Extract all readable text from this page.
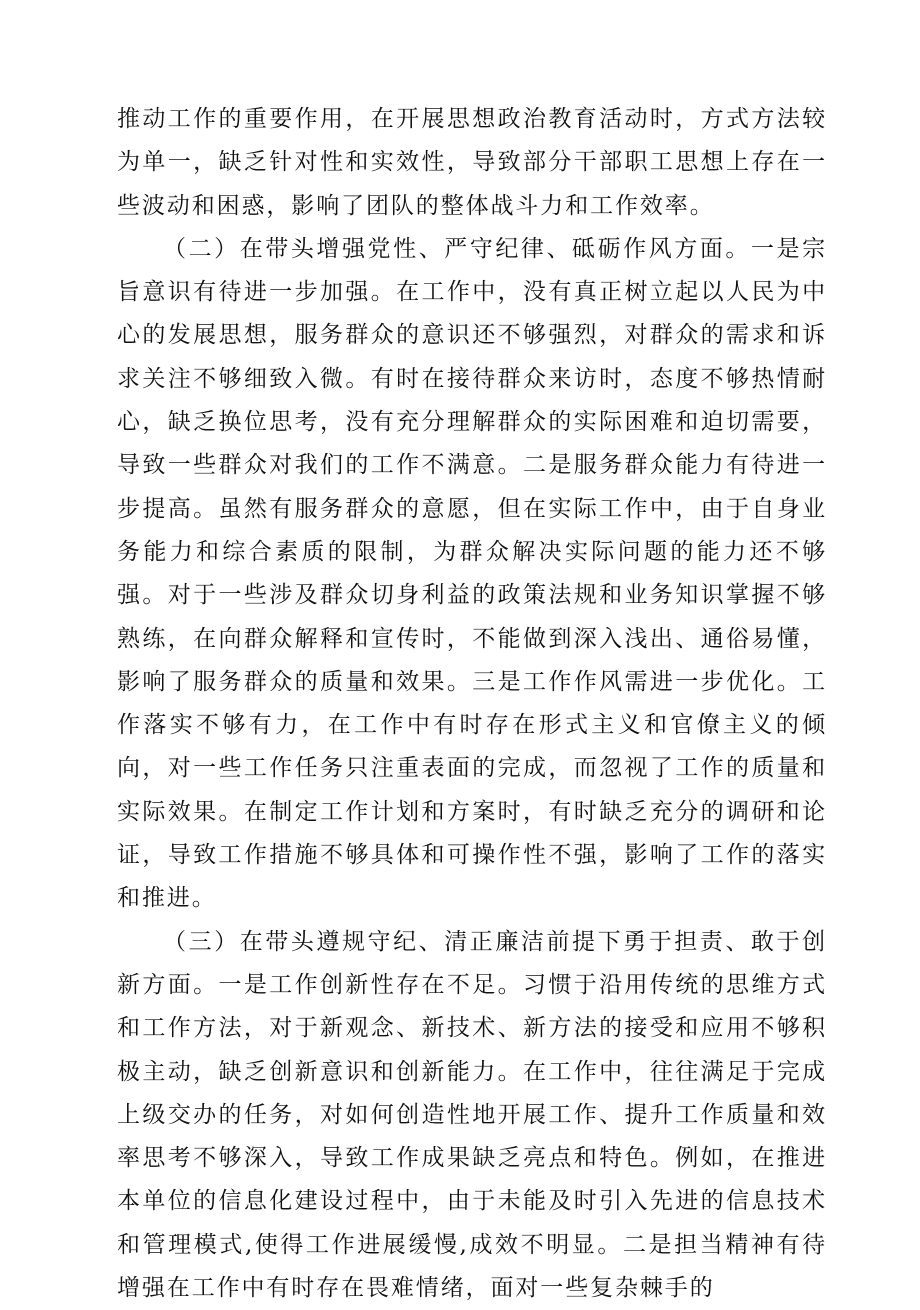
推动工作的重要作用，在开展思想政治教育活动时，方式方法较为单一，缺乏针对性和实效性，导致部分干部职工思想上存在一些波动和困惑，影响了团队的整体战斗力和工作效率。

（二）在带头增强党性、严守纪律、砥砺作风方面。一是宗旨意识有待进一步加强。在工作中，没有真正树立起以人民为中心的发展思想，服务群众的意识还不够强烈，对群众的需求和诉求关注不够细致入微。有时在接待群众来访时，态度不够热情耐心，缺乏换位思考，没有充分理解群众的实际困难和迫切需要，导致一些群众对我们的工作不满意。二是服务群众能力有待进一步提高。虽然有服务群众的意愿，但在实际工作中，由于自身业务能力和综合素质的限制，为群众解决实际问题的能力还不够强。对于一些涉及群众切身利益的政策法规和业务知识掌握不够熟练，在向群众解释和宣传时，不能做到深入浅出、通俗易懂，影响了服务群众的质量和效果。三是工作作风需进一步优化。工作落实不够有力，在工作中有时存在形式主义和官僚主义的倾向，对一些工作任务只注重表面的完成，而忽视了工作的质量和实际效果。在制定工作计划和方案时，有时缺乏充分的调研和论证，导致工作措施不够具体和可操作性不强，影响了工作的落实和推进。

（三）在带头遵规守纪、清正廉洁前提下勇于担责、敢于创新方面。一是工作创新性存在不足。习惯于沿用传统的思维方式和工作方法，对于新观念、新技术、新方法的接受和应用不够积极主动，缺乏创新意识和创新能力。在工作中，往往满足于完成上级交办的任务，对如何创造性地开展工作、提升工作质量和效率思考不够深入，导致工作成果缺乏亮点和特色。例如，在推进本单位的信息化建设过程中，由于未能及时引入先进的信息技术和管理模式,使得工作进展缓慢,成效不明显。二是担当精神有待增强在工作中有时存在畏难情绪，面对一些复杂棘手的
